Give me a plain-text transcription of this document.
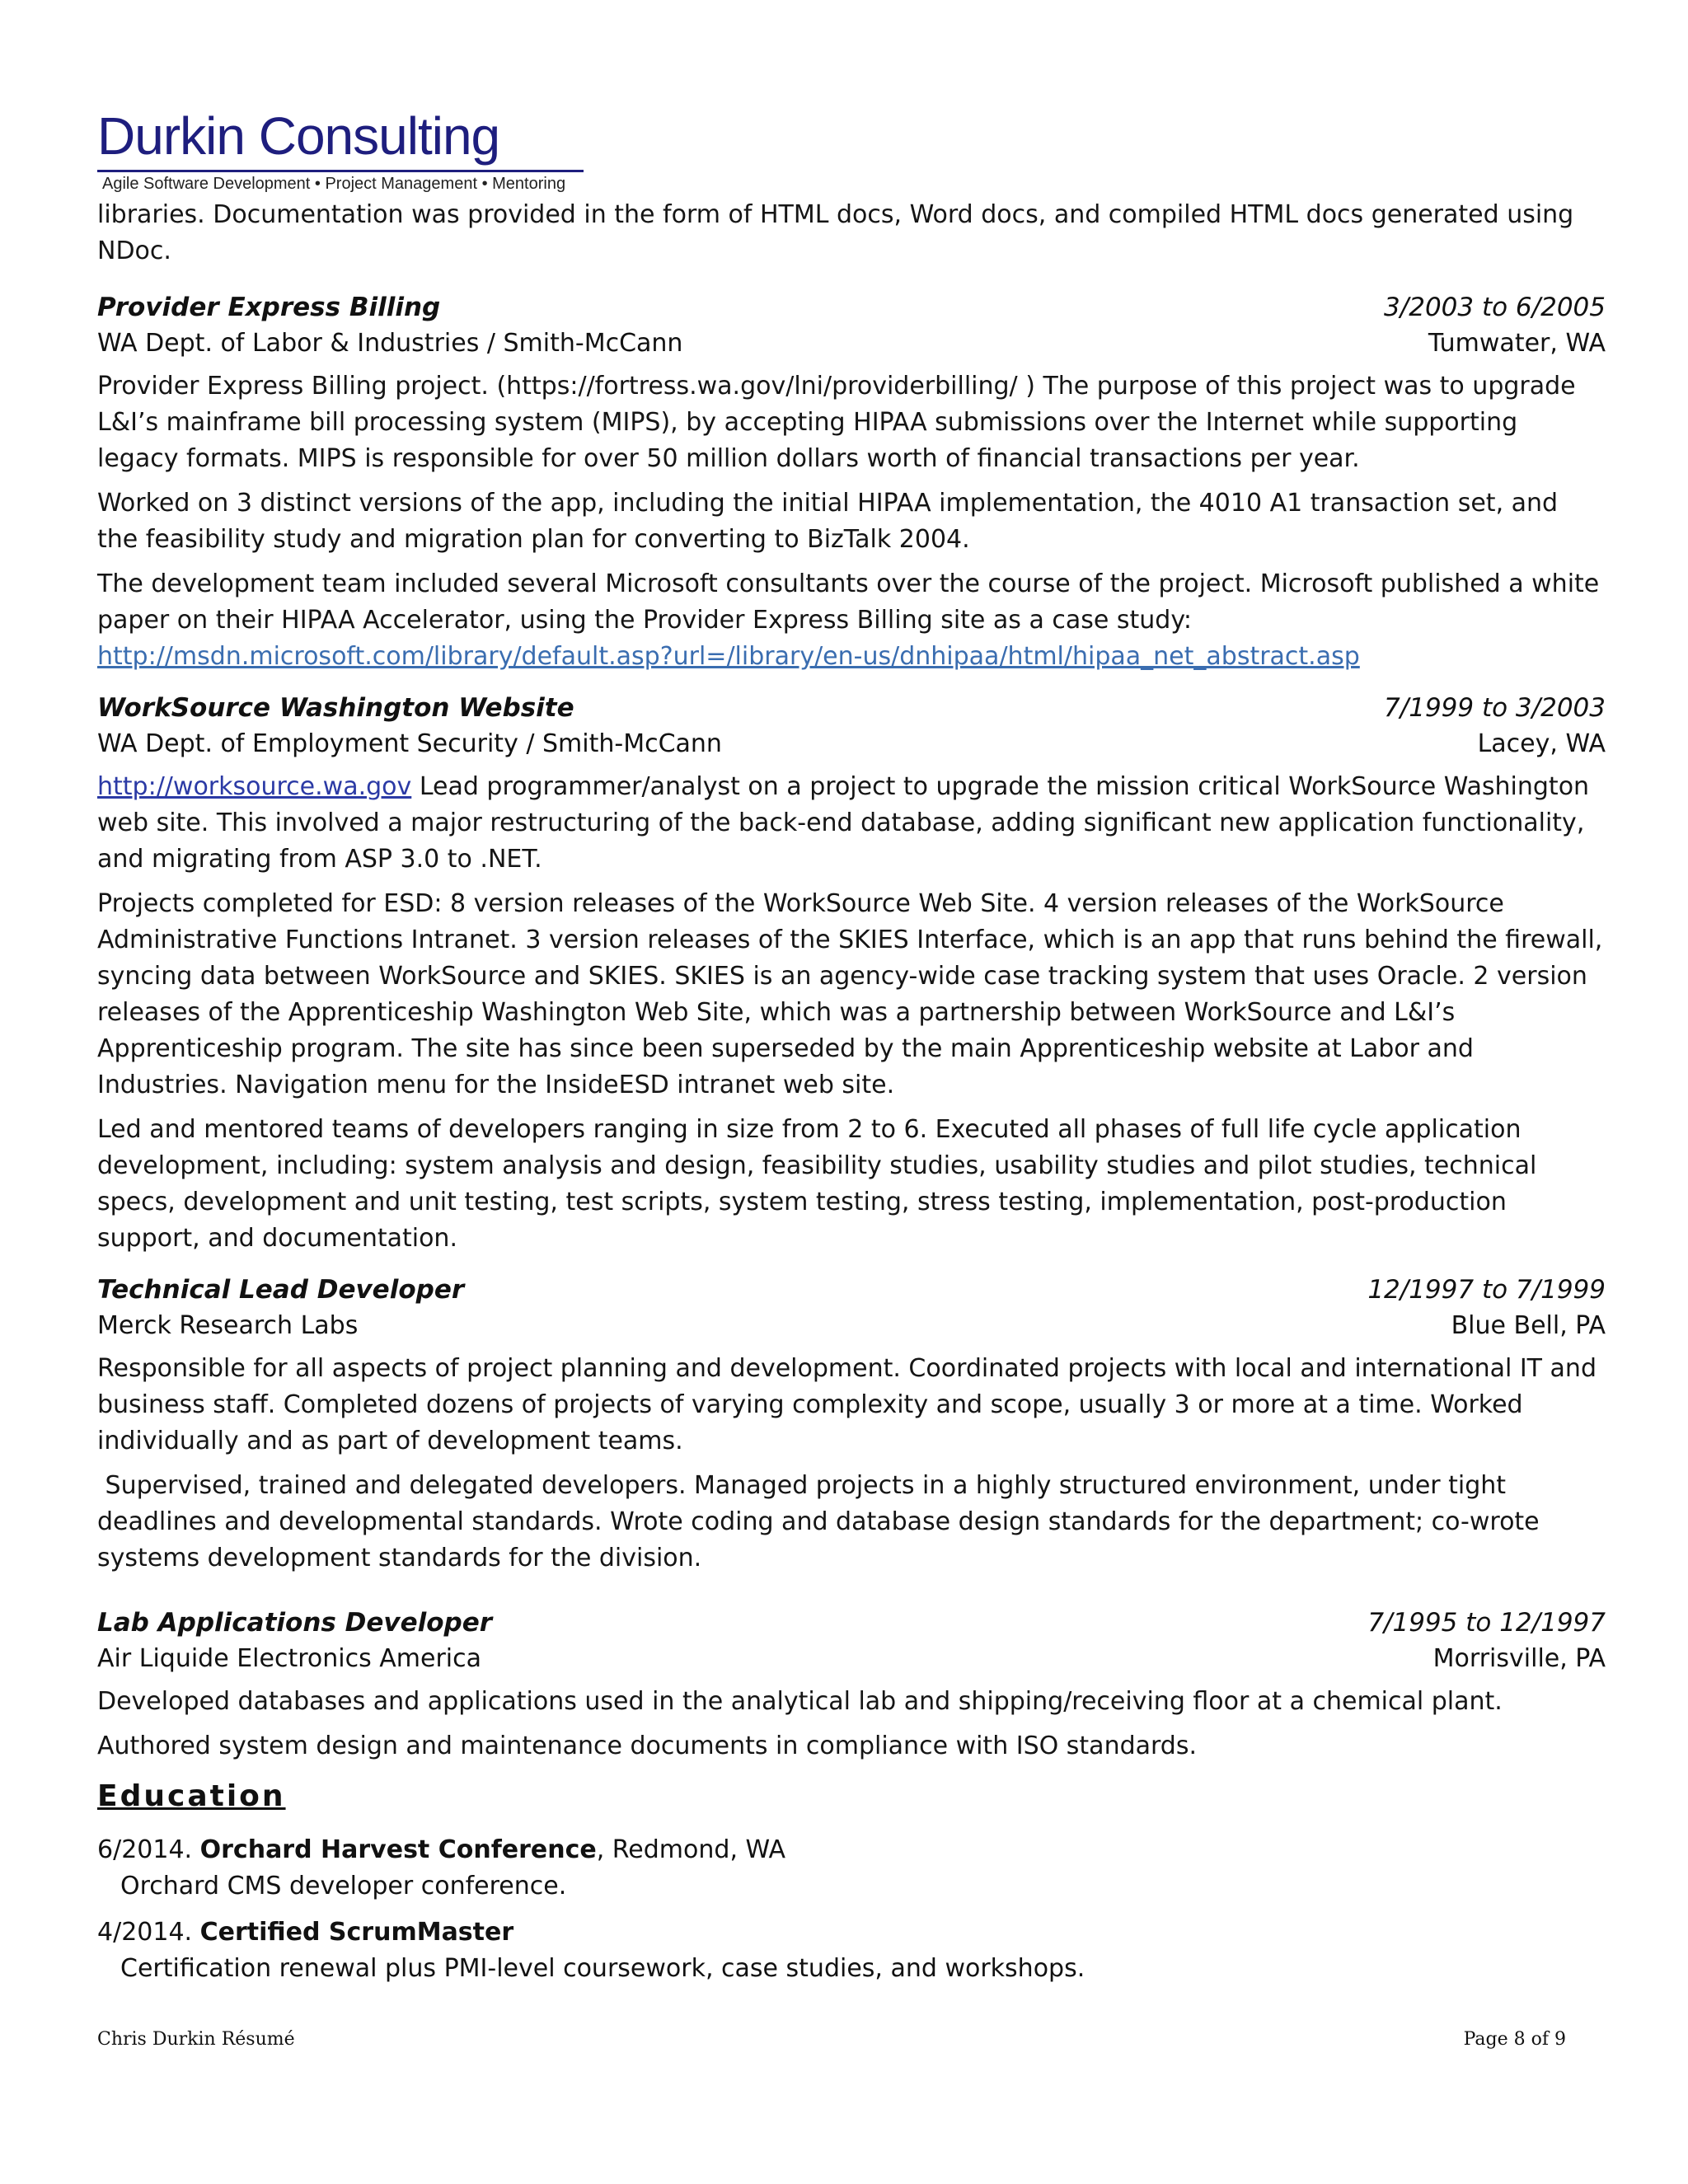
Durkin Consulting
Agile Software Development • Project Management • Mentoring

libraries. Documentation was provided in the form of HTML docs, Word docs, and compiled HTML docs generated using NDoc.

Provider Express Billing	3/2003 to 6/2005
WA Dept. of Labor & Industries / Smith-McCann	Tumwater, WA

Provider Express Billing project. (https://fortress.wa.gov/lni/providerbilling/ ) The purpose of this project was to upgrade L&I’s mainframe bill processing system (MIPS), by accepting HIPAA submissions over the Internet while supporting legacy formats. MIPS is responsible for over 50 million dollars worth of financial transactions per year.

Worked on 3 distinct versions of the app, including the initial HIPAA implementation, the 4010 A1 transaction set, and the feasibility study and migration plan for converting to BizTalk 2004.

The development team included several Microsoft consultants over the course of the project. Microsoft published a white paper on their HIPAA Accelerator, using the Provider Express Billing site as a case study:

http://msdn.microsoft.com/library/default.asp?url=/library/en-us/dnhipaa/html/hipaa_net_abstract.asp

WorkSource Washington Website	7/1999 to 3/2003
WA Dept. of Employment Security / Smith-McCann	Lacey, WA

http://worksource.wa.gov Lead programmer/analyst on a project to upgrade the mission critical WorkSource Washington web site. This involved a major restructuring of the back-end database, adding significant new application functionality, and migrating from ASP 3.0 to .NET.

Projects completed for ESD: 8 version releases of the WorkSource Web Site. 4 version releases of the WorkSource Administrative Functions Intranet. 3 version releases of the SKIES Interface, which is an app that runs behind the firewall, syncing data between WorkSource and SKIES. SKIES is an agency-wide case tracking system that uses Oracle. 2 version releases of the Apprenticeship Washington Web Site, which was a partnership between WorkSource and L&I’s Apprenticeship program. The site has since been superseded by the main Apprenticeship website at Labor and Industries. Navigation menu for the InsideESD intranet web site.

Led and mentored teams of developers ranging in size from 2 to 6. Executed all phases of full life cycle application development, including: system analysis and design, feasibility studies, usability studies and pilot studies, technical specs, development and unit testing, test scripts, system testing, stress testing, implementation, post-production support, and documentation.

Technical Lead Developer	12/1997 to 7/1999
Merck Research Labs	Blue Bell, PA

Responsible for all aspects of project planning and development. Coordinated projects with local and international IT and business staff. Completed dozens of projects of varying complexity and scope, usually 3 or more at a time. Worked individually and as part of development teams.

Supervised, trained and delegated developers. Managed projects in a highly structured environment, under tight deadlines and developmental standards. Wrote coding and database design standards for the department; co-wrote systems development standards for the division.

Lab Applications Developer	7/1995 to 12/1997
Air Liquide Electronics America	Morrisville, PA

Developed databases and applications used in the analytical lab and shipping/receiving floor at a chemical plant.

Authored system design and maintenance documents in compliance with ISO standards.

Education
6/2014. Orchard Harvest Conference, Redmond, WA
Orchard CMS developer conference.
4/2014. Certified ScrumMaster
Certification renewal plus PMI-level coursework, case studies, and workshops.
Chris Durkin Résumé	Page 8 of 9
